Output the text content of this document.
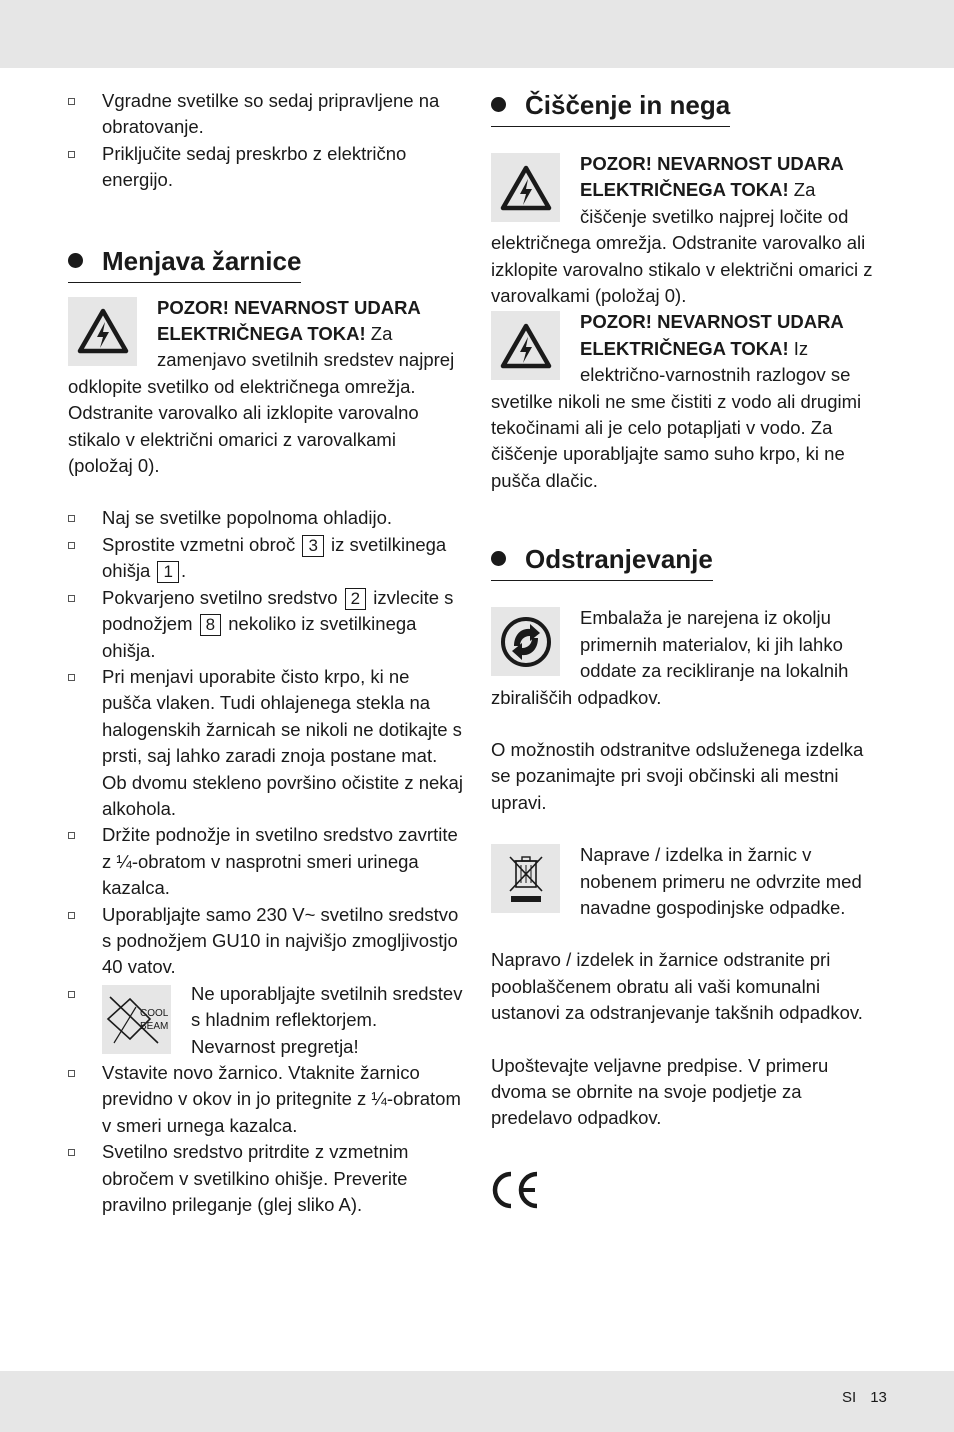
Vgradne svetilke so sedaj pripravljene na obratovanje.
Priključite sedaj preskrbo z električno energijo.
Menjava žarnice

POZOR! NEVARNOST UDARA ELEKTRIČNEGA TOKA! Za zamenjavo svetilnih sredstev najprej odklopite svetilko od električnega omrežja. Odstranite varovalko ali izklopite varovalno stikalo v električni omarici z varovalkami (položaj 0).

Naj se svetilke popolnoma ohladijo.
Sprostite vzmetni obroč 3 iz svetilkinega ohišja 1 .
Pokvarjeno svetilno sredstvo 2 izvlecite s podnožjem 8 nekoliko iz svetilkinega ohišja.
Pri menjavi uporabite čisto krpo, ki ne pušča vlaken. Tudi ohlajenega stekla na halogenskih žarnicah se nikoli ne dotikajte s prsti, saj lahko zaradi znoja postane mat. Ob dvomu stekleno površino očistite z nekaj alkohola.
Držite podnožje in svetilno sredstvo zavrtite z ¼-obratom v nasprotni smeri urinega kazalca.
Uporabljajte samo 230 V~ svetilno sredstvo s podnožjem GU10 in najvišjo zmogljivostjo 40 vatov.
COOL
BEAM
Ne uporabljajte svetilnih sredstev s hladnim reflektorjem. Nevarnost pregretja!
Vstavite novo žarnico. Vtaknite žarnico previdno v okov in jo pritegnite z ¼-obratom v smeri urnega kazalca.
Svetilno sredstvo pritrdite z vzmetnim obročem v svetilkino ohišje. Preverite pravilno prileganje (glej sliko A).
Čiščenje in nega

POZOR! NEVARNOST UDARA ELEKTRIČNEGA TOKA! Za čiščenje svetilko najprej ločite od električnega omrežja. Odstranite varovalko ali izklopite varovalno stikalo v električni omarici z varovalkami (položaj 0).

POZOR! NEVARNOST UDARA ELEKTRIČNEGA TOKA! Iz električno-varnostnih razlogov se svetilke nikoli ne sme čistiti z vodo ali drugimi tekočinami ali je celo potapljati v vodo. Za čiščenje uporabljajte samo suho krpo, ki ne pušča dlačic.

Odstranjevanje

Embalaža je narejena iz okolju primernih materialov, ki jih lahko oddate za recikliranje na lokalnih zbirališčih odpadkov.

O možnostih odstranitve odsluženega izdelka se pozanimajte pri svoji občinski ali mestni upravi.

Naprave / izdelka in žarnic v nobenem primeru ne odvrzite med navadne gospodinjske odpadke.

Napravo / izdelek in žarnice odstranite pri pooblaščenem obratu ali vaši komunalni ustanovi za odstranjevanje takšnih odpadkov.

Upoštevajte veljavne predpise. V primeru dvoma se obrnite na svoje podjetje za predelavo odpadkov.

SI 13
